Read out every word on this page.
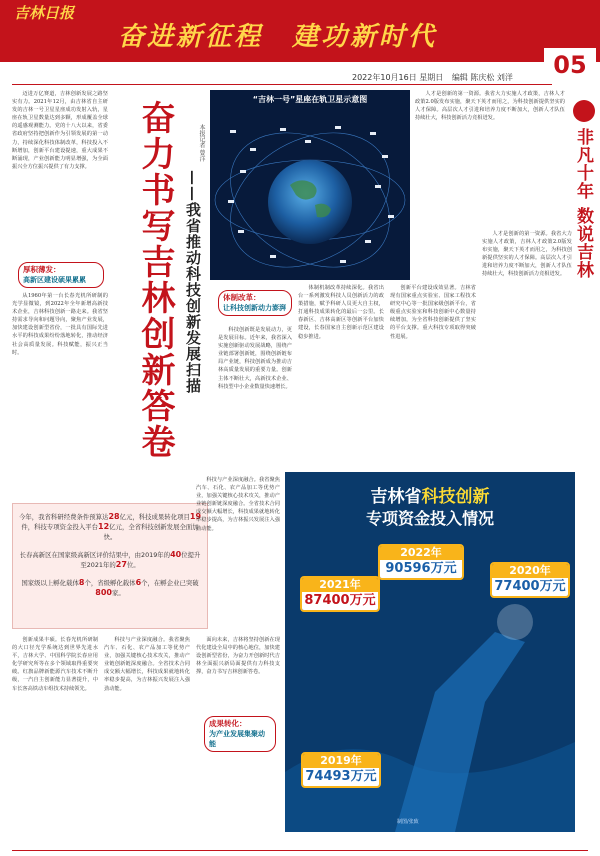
吉林日报
奋进新征程　建功新时代
05
2022年10月16日 星期日 编辑 陈庆松 刘洋

迈进万亿赛道，吉林创新发展之路坚实有力。2021年12月，由吉林省自主研发的吉林一号卫星星座成功发射入轨，星座在轨卫星数量达到多颗，形成覆盖全球的遥感观测能力。党的十八大以来，省委省政府坚持把创新作为引领发展的第一动力，持续深化科技体制改革，科技投入不断增加，创新平台建设提速，重大成果不断涌现，产业创新能力明显增强，为全面振兴全方位振兴提供了有力支撑。

厚积薄发：
高新区建设硕果累累

从1960年第一台长春光机所研制的光学显微镜，到2022年全年新增高新技术企业，吉林科技创新一路走来。我省坚持需求导向和问题导向，聚焦产业发展，加快建设创新型省份，一批具有国际先进水平的科技成果纷纷落地转化，推动经济社会高质量发展。科技赋能，振兴正当时。	奋力书写吉林创新答卷	本报记者 曾洋
——我省推动科技创新发展扫描
“吉林一号”星座在轨卫星示意图
非凡十年 数说吉林

人才是创新的第一资源。我省大力实施人才政策，吉林人才政策2.0版发布实施，聚天下英才而用之，为科技创新提供坚实的人才保障。高层次人才引进和培养力度不断加大，创新人才队伍持续壮大，科技创新活力竞相迸发。

体制改革：
让科技创新动力澎湃

科技创新既是发展动力，更是发展目标。近年来，我省深入实施创新驱动发展战略，围绕产业链部署创新链，围绕创新链布局产业链，科技创新成为推动吉林高质量发展的重要力量。创新主体不断壮大，高新技术企业、科技型中小企业数量快速增长。

体制机制改革持续深化。我省出台一系列激发科技人员创新活力的政策措施，赋予科研人员更大自主权，打通科技成果转化的最后一公里。长春新区、吉林高新区等创新平台加快建设，长春国家自主创新示范区建设稳步推进。

创新平台建设成效显著。吉林省现有国家重点实验室、国家工程技术研究中心等一批国家级创新平台，省级重点实验室和科技创新中心数量持续增加，为全省科技创新提供了坚实的平台支撑。重大科技专项取得突破性进展。

人才是创新的第一资源。我省大力实施人才政策，吉林人才政策2.0版发布实施，聚天下英才而用之，为科技创新提供坚实的人才保障。高层次人才引进和培养力度不断加大，创新人才队伍持续壮大，科技创新活力竞相迸发。

今年，我省科研经费条件预算达28亿元，科技成果转化项目19件，科技专项资金投入平台12亿元，全省科技创新发展全面加快。
长春高新区在国家级高新区评价结果中，由2019年的40位提升至2021年的27位。
国家级以上孵化载体8个，省级孵化载体6个，在孵企业已突破800家。

创新成果丰硕。长春光机所研制的大口径光学系统达到世界先进水平，吉林大学、中国科学院长春应用化学研究所等在多个领域取得重要突破。红旗品牌新能源汽车技术不断升级，一汽自主创新能力显著提升，中车长客高铁动车组技术持续领先。

科技与产业深度融合。我省聚焦汽车、石化、农产品加工等优势产业，加强关键核心技术攻关，推动产业链创新链深度融合。全省技术合同成交额大幅增长，科技成果就地转化率稳步提高，为吉林振兴发展注入强劲动能。

科技与产业深度融合。我省聚焦汽车、石化、农产品加工等优势产业，加强关键核心技术攻关，推动产业链创新链深度融合。全省技术合同成交额大幅增长，科技成果就地转化率稳步提高，为吉林振兴发展注入强劲动能。

面向未来，吉林将坚持创新在现代化建设全局中的核心地位，加快建设创新型省份，为奋力开创新时代吉林全面振兴新局面提供有力科技支撑，奋力书写吉林创新答卷。

成果转化：
为产业发展集聚动能
吉林省科技创新
专项资金投入情况
2019年
74493万元
2020年
77400万元
2021年
87400万元
2022年
90596万元
制图/张致
